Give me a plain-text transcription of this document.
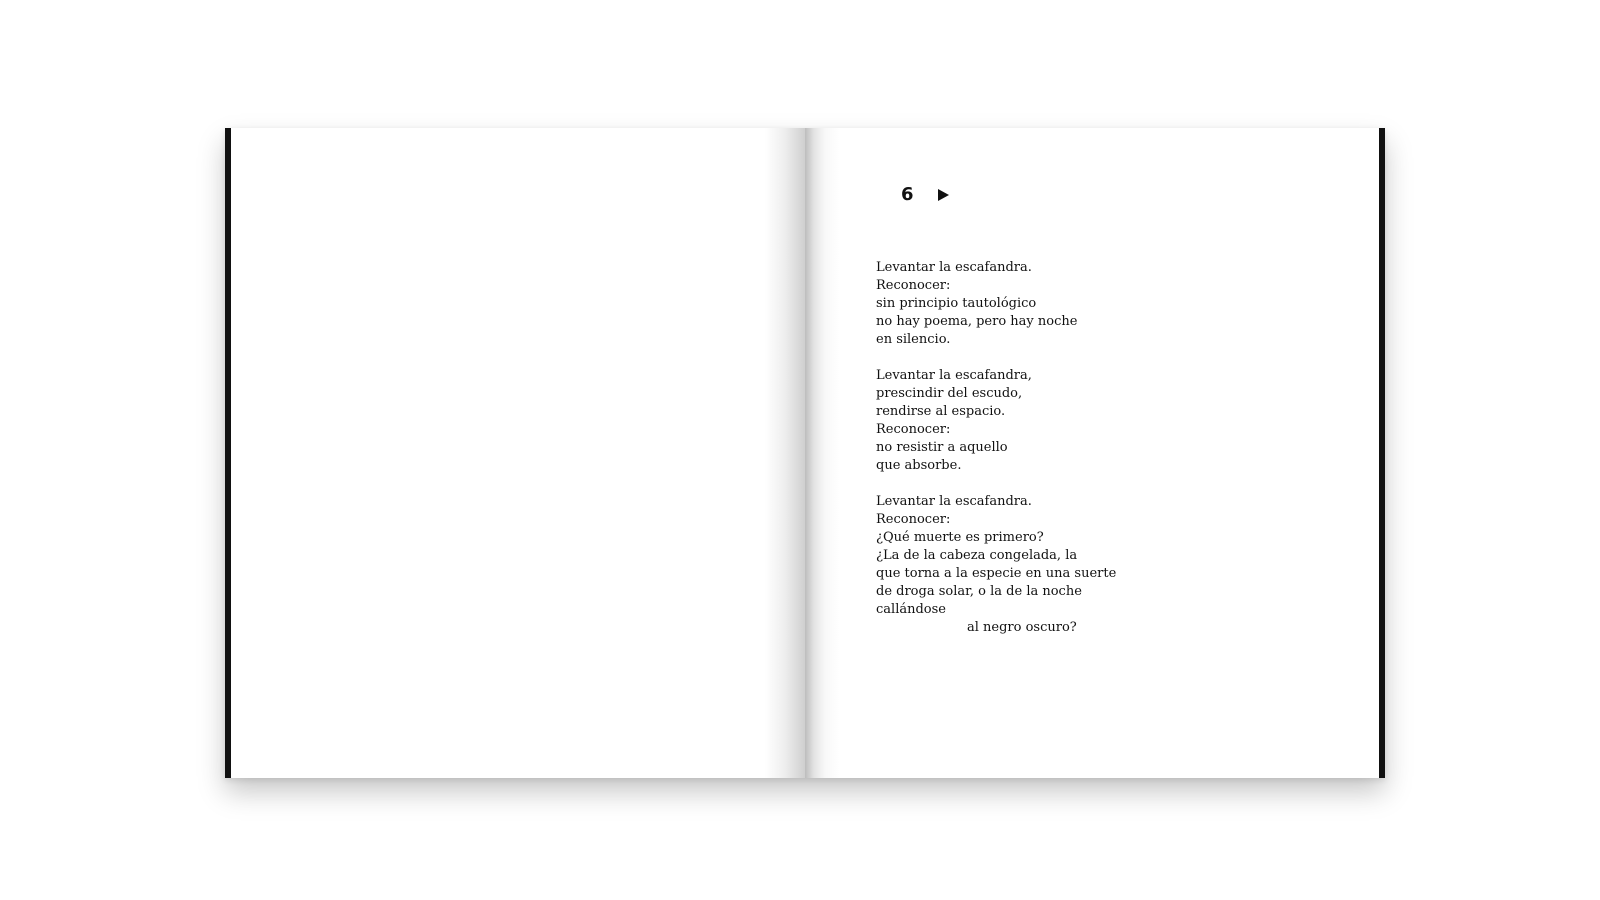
6
Levantar la escafandra.
Reconocer:
sin principio tautológico
no hay poema, pero hay noche
en silencio.
Levantar la escafandra,
prescindir del escudo,
rendirse al espacio.
Reconocer:
no resistir a aquello
que absorbe.
Levantar la escafandra.
Reconocer:
¿Qué muerte es primero?
¿La de la cabeza congelada, la
que torna a la especie en una suerte
de droga solar, o la de la noche
callándose
al negro oscuro?
